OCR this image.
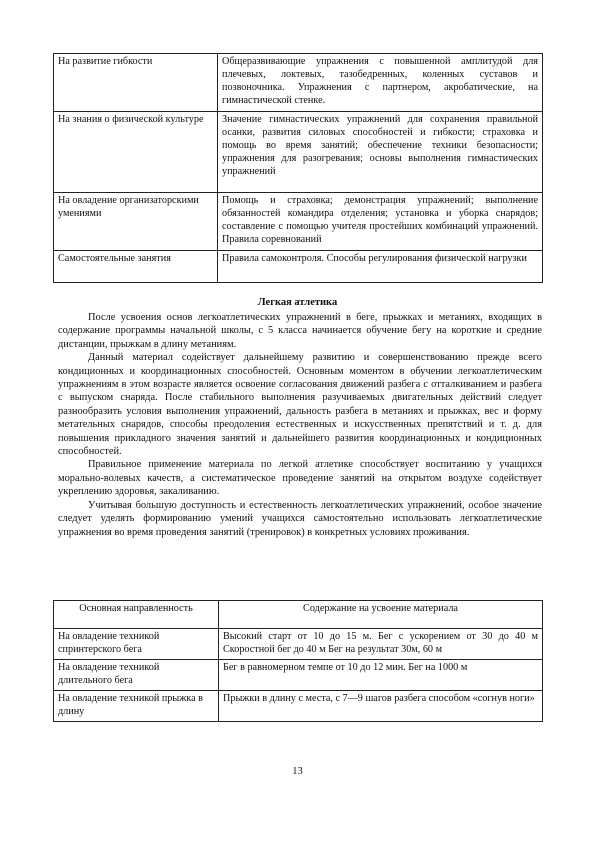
На развитие гибкости	Общеразвивающие упражнения с повышенной амплитудой для плечевых, локтевых, тазобедренных, коленных суставов и позвоночника. Упражнения с партнером, акробатические, на гимнастической стенке.
На знания о физической культуре	Значение гимнастических упражнений для сохранения правильной осанки, развития силовых способностей и гибкости; страховка и помощь во время занятий; обеспечение техники безопасности; упражнения для разогревания; основы выполнения гимнастических упражнений
На овладение организаторскими умениями	Помощь и страховка; демонстрация упражнений; выполнение обязанностей командира отделения; установка и уборка снарядов; составление с помощью учителя простейших комбинаций упражнений. Правила соревнований
Самостоятельные занятия	Правила самоконтроля. Способы регулирования физической нагрузки
Легкая атлетика

После усвоения основ легкоатлетических упражнений в беге, прыжках и метаниях, входящих в содержание программы начальной школы, с 5 класса начинается обучение бегу на короткие и средние дистанции, прыжкам в длину метаниям.

Данный материал содействует дальнейшему развитию и совершенствованию прежде всего кондиционных и координационных способностей. Основным моментом в обучении легкоатлетическим упражнениям в этом возрасте является освоение согласования движений разбега с отталкиванием и разбега с выпуском снаряда. После стабильного выполнения разучиваемых двигательных действий следует разнообразить условия выполнения упражнений, дальность разбега в метаниях и прыжках, вес и форму метательных снарядов, способы преодоления естественных и искусственных препятствий и т. д. для повышения прикладного значения занятий и дальнейшего развития координационных и кондиционных способностей.

Правильное применение материала по легкой атлетике способствует воспитанию у учащихся морально-волевых качеств, а систематическое проведение занятий на открытом воздухе содействует укреплению здоровья, закаливанию.

Учитывая большую доступность и естественность легкоатлетических упражнений, особое значение следует уделять формированию умений учащихся самостоятельно использовать легкоатлетические упражнения во время проведения занятий (тренировок) в конкретных условиях проживания.

Основная направленность	Содержание на усвоение материала
На овладение техникой спринтерского бега	Высокий старт от 10 до 15 м. Бег с ускорением от 30 до 40 м Скоростной бег до 40 м Бег на результат 30м, 60 м
На овладение техникой длительного бега	Бег в равномерном темпе от 10 до 12 мин. Бег на 1000 м
На овладение техникой прыжка в длину	Прыжки в длину с места, с 7—9 шагов разбега способом «согнув ноги»
13
